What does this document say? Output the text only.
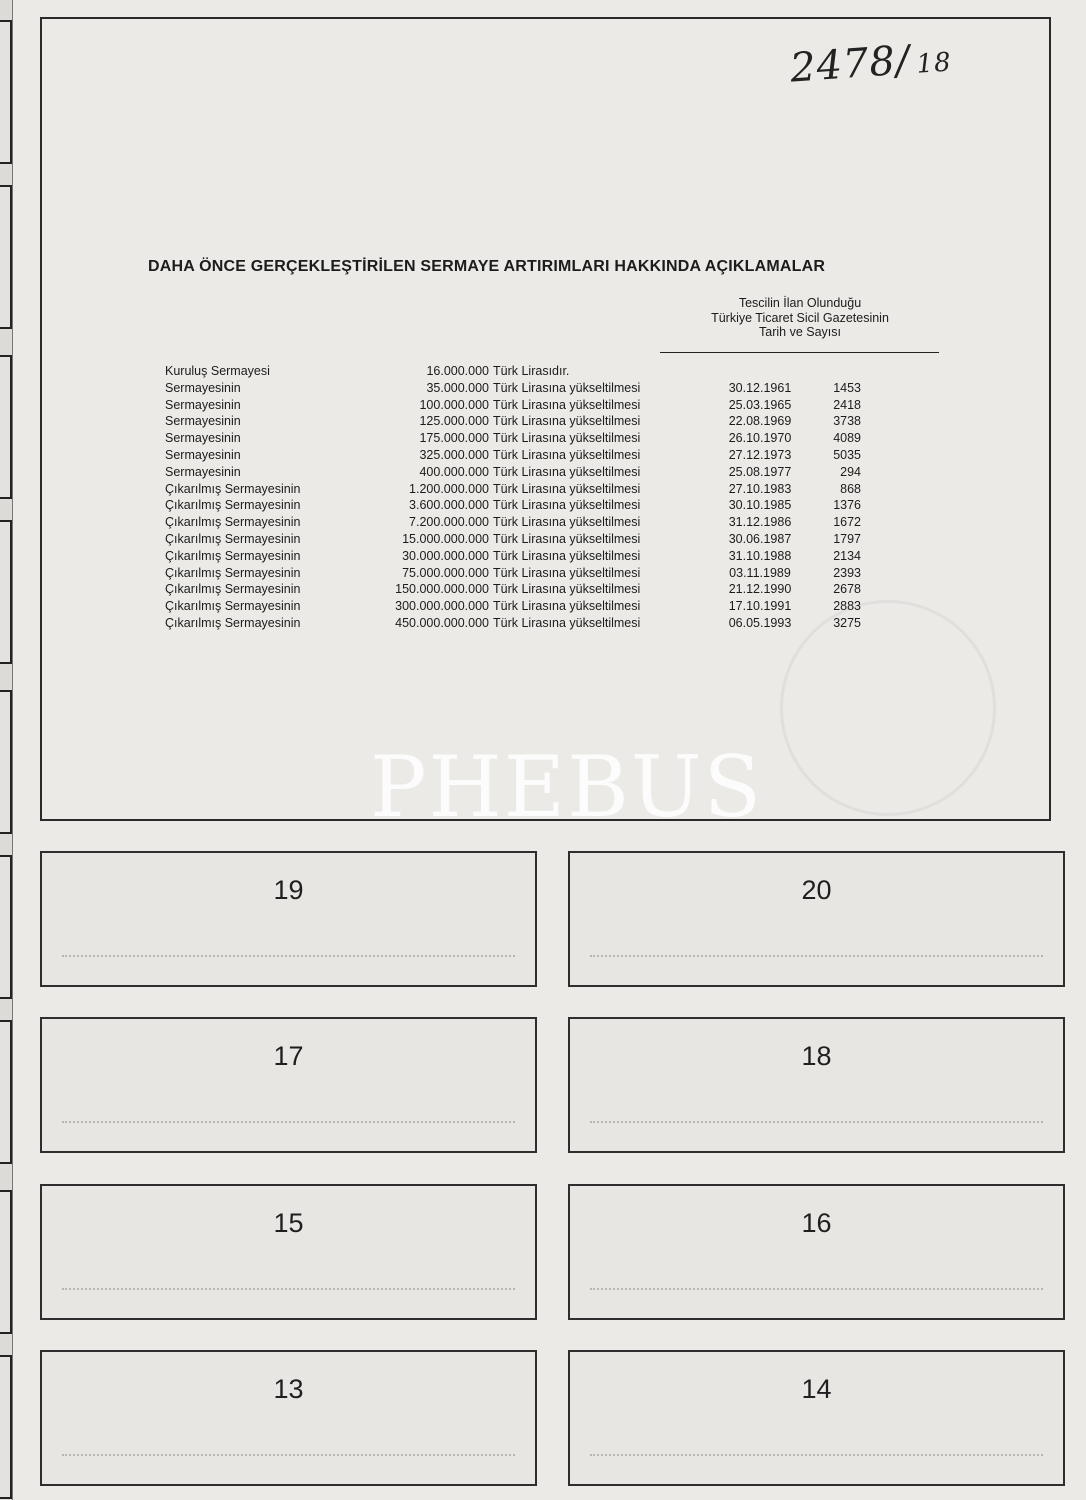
2478/ 18
DAHA ÖNCE GERÇEKLEŞTİRİLEN SERMAYE ARTIRIMLARI HAKKINDA AÇIKLAMALAR
Tescilin İlan Olunduğu
Türkiye Ticaret Sicil Gazetesinin
Tarih ve Sayısı
Kuruluş Sermayesi	16.000.000 Türk Lirasıdır.
Sermayesinin	35.000.000 Türk Lirasına yükseltilmesi	30.12.1961	1453
Sermayesinin	100.000.000 Türk Lirasına yükseltilmesi	25.03.1965	2418
Sermayesinin	125.000.000 Türk Lirasına yükseltilmesi	22.08.1969	3738
Sermayesinin	175.000.000 Türk Lirasına yükseltilmesi	26.10.1970	4089
Sermayesinin	325.000.000 Türk Lirasına yükseltilmesi	27.12.1973	5035
Sermayesinin	400.000.000 Türk Lirasına yükseltilmesi	25.08.1977	294
Çıkarılmış Sermayesinin	1.200.000.000 Türk Lirasına yükseltilmesi	27.10.1983	868
Çıkarılmış Sermayesinin	3.600.000.000 Türk Lirasına yükseltilmesi	30.10.1985	1376
Çıkarılmış Sermayesinin	7.200.000.000 Türk Lirasına yükseltilmesi	31.12.1986	1672
Çıkarılmış Sermayesinin	15.000.000.000 Türk Lirasına yükseltilmesi	30.06.1987	1797
Çıkarılmış Sermayesinin	30.000.000.000 Türk Lirasına yükseltilmesi	31.10.1988	2134
Çıkarılmış Sermayesinin	75.000.000.000 Türk Lirasına yükseltilmesi	03.11.1989	2393
Çıkarılmış Sermayesinin	150.000.000.000 Türk Lirasına yükseltilmesi	21.12.1990	2678
Çıkarılmış Sermayesinin	300.000.000.000 Türk Lirasına yükseltilmesi	17.10.1991	2883
Çıkarılmış Sermayesinin	450.000.000.000 Türk Lirasına yükseltilmesi	06.05.1993	3275
PHEBUS
19	20
17	18
15	16
13	14
